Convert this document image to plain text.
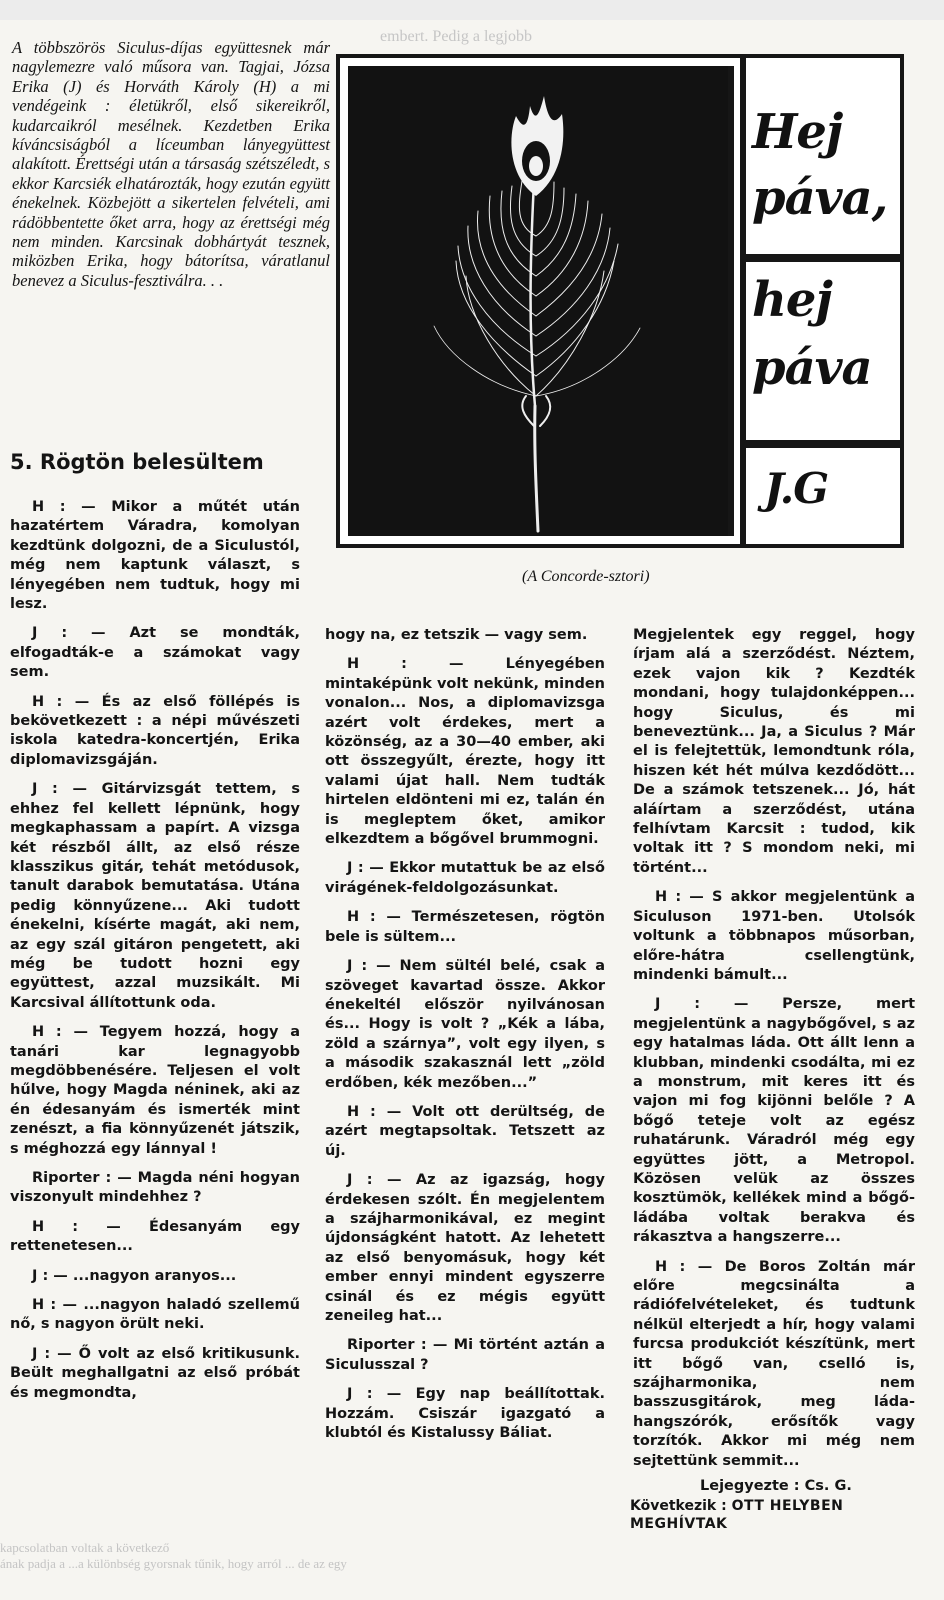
embert. Pedig a legjobb
A többszörös Siculus-díjas együttesnek már nagylemezre való műsora van. Tagjai, Józsa Erika (J) és Horváth Károly (H) a mi vendégeink : életükről, első sikereikről, kudarcaikról mesélnek. Kezdetben Erika kíváncsiságból a líceumban lányegyüttest alakított. Érettségi után a társaság szétszéledt, s ekkor Karcsiék elhatározták, hogy ezután együtt énekelnek. Közbejött a sikertelen felvételi, ami rádöbbentette őket arra, hogy az érettségi még nem minden. Karcsinak dobhártyát tesznek, miközben Erika, hogy bátorítsa, váratlanul benevez a Siculus-fesztiválra. . .
5. Rögtön belesültem
Hej
páva,
hej
páva
J.G
(A Concorde-sztori)

H : — Mikor a műtét után hazatértem Váradra, komolyan kezdtünk dolgozni, de a Siculustól, még nem kaptunk választ, s lényegében nem tudtuk, hogy mi lesz.

J : — Azt se mondták, elfogadták-e a számokat vagy sem.

H : — És az első föllépés is bekövetkezett : a népi művészeti iskola katedra-koncertjén, Erika diplomavizsgáján.

J : — Gitárvizsgát tettem, s ehhez fel kellett lépnünk, hogy megkaphassam a papírt. A vizsga két részből állt, az első része klasszikus gitár, tehát metódusok, tanult darabok bemutatása. Utána pedig könnyűzene... Aki tudott énekelni, kísérte magát, aki nem, az egy szál gitáron pengetett, aki még be tudott hozni egy együttest, azzal muzsikált. Mi Karcsival állítottunk oda.

H : — Tegyem hozzá, hogy a tanári kar legnagyobb megdöbbenésére. Teljesen el volt hűlve, hogy Magda néninek, aki az én édesanyám és ismerték mint zenészt, a fia könnyűzenét játszik, s méghozzá egy lánnyal !

Riporter : — Magda néni hogyan viszonyult mindehhez ?

H : — Édesanyám egy rettenetesen...

J : — ...nagyon aranyos...

H : — ...nagyon haladó szellemű nő, s nagyon örült neki.

J : — Ő volt az első kritikusunk. Beült meghallgatni az első próbát és megmondta,

hogy na, ez tetszik — vagy sem.

H : — Lényegében mintaképünk volt nekünk, minden vonalon... Nos, a diplomavizsga azért volt érdekes, mert a közönség, az a 30—40 ember, aki ott összegyűlt, érezte, hogy itt valami újat hall. Nem tudták hirtelen eldönteni mi ez, talán én is megleptem őket, amikor elkezdtem a bőgővel brummogni.

J : — Ekkor mutattuk be az első virágének-feldolgozásunkat.

H : — Természetesen, rögtön bele is sültem...

J : — Nem sültél belé, csak a szöveget kavartad össze. Akkor énekeltél először nyilvánosan és... Hogy is volt ? „Kék a lába, zöld a szárnya”, volt egy ilyen, s a második szakasznál lett „zöld erdőben, kék mezőben...”

H : — Volt ott derültség, de azért megtapsoltak. Tetszett az új.

J : — Az az igazság, hogy érdekesen szólt. Én megjelentem a szájharmonikával, ez megint újdonságként hatott. Az lehetett az első benyomásuk, hogy két ember ennyi mindent egyszerre csinál és ez mégis együtt zeneileg hat...

Riporter : — Mi történt aztán a Siculusszal ?

J : — Egy nap beállítottak. Hozzám. Csiszár igazgató a klubtól és Kistalussy Báliat.

Megjelentek egy reggel, hogy írjam alá a szerződést. Néztem, ezek vajon kik ? Kezdték mondani, hogy tulajdonképpen... hogy Siculus, és mi beneveztünk... Ja, a Siculus ? Már el is felejtettük, lemondtunk róla, hiszen két hét múlva kezdődött... De a számok tetszenek... Jó, hát aláírtam a szerződést, utána felhívtam Karcsit : tudod, kik voltak itt ? S mondom neki, mi történt...

H : — S akkor megjelentünk a Siculuson 1971-ben. Utolsók voltunk a többnapos műsorban, előre-hátra csellengtünk, mindenki bámult...

J : — Persze, mert megjelentünk a nagybőgővel, s az egy hatalmas láda. Ott állt lenn a klubban, mindenki csodálta, mi ez a monstrum, mit keres itt és vajon mi fog kijönni belőle ? A bőgő teteje volt az egész ruhatárunk. Váradról még egy együttes jött, a Metropol. Közösen velük az összes kosztümök, kellékek mind a bőgő-ládába voltak berakva és rákasztva a hangszerre...

H : — De Boros Zoltán már előre megcsinálta a rádiófelvételeket, és tudtunk nélkül elterjedt a hír, hogy valami furcsa produkciót készítünk, mert itt bőgő van, cselló is, szájharmonika, nem basszusgitárok, meg láda-hangszórók, erősítők vagy torzítók. Akkor mi még nem sejtettünk semmit...

Lejegyezte : Cs. G.
Következik : OTT HELYBEN MEGHÍVTAK
kapcsolatban voltak a következő
ának padja a ...a különbség gyorsnak tűnik, hogy arról ... de az egy
